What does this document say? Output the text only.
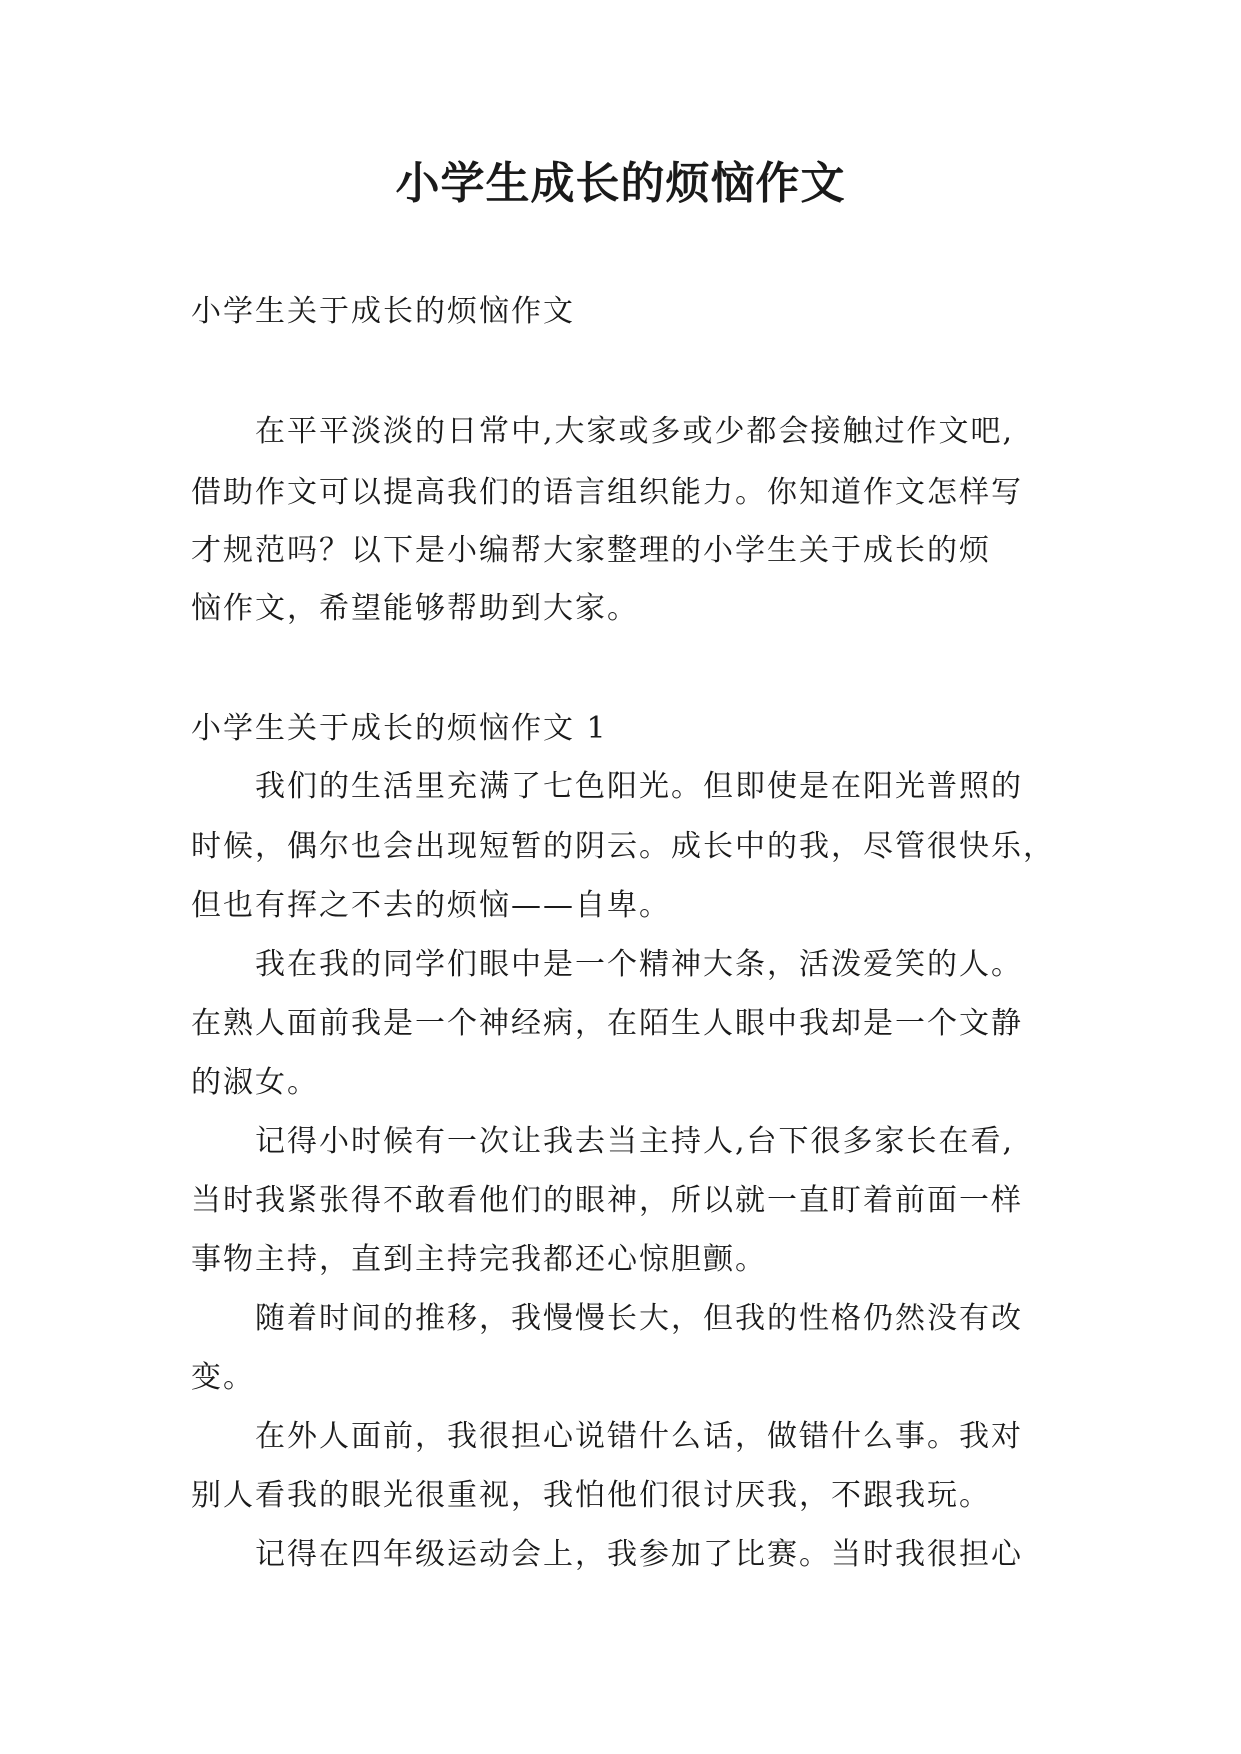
小学生成长的烦恼作文
小学生关于成长的烦恼作文
在平平淡淡的日常中,大家或多或少都会接触过作文吧,
借助作文可以提高我们的语言组织能力。你知道作文怎样写
才规范吗？以下是小编帮大家整理的小学生关于成长的烦
恼作文，希望能够帮助到大家。
小学生关于成长的烦恼作文 1
我们的生活里充满了七色阳光。但即使是在阳光普照的
时候，偶尔也会出现短暂的阴云。成长中的我，尽管很快乐，
但也有挥之不去的烦恼——自卑。
我在我的同学们眼中是一个精神大条，活泼爱笑的人。
在熟人面前我是一个神经病，在陌生人眼中我却是一个文静
的淑女。
记得小时候有一次让我去当主持人,台下很多家长在看,
当时我紧张得不敢看他们的眼神，所以就一直盯着前面一样
事物主持，直到主持完我都还心惊胆颤。
随着时间的推移，我慢慢长大，但我的性格仍然没有改
变。
在外人面前，我很担心说错什么话，做错什么事。我对
别人看我的眼光很重视，我怕他们很讨厌我，不跟我玩。
记得在四年级运动会上，我参加了比赛。当时我很担心
